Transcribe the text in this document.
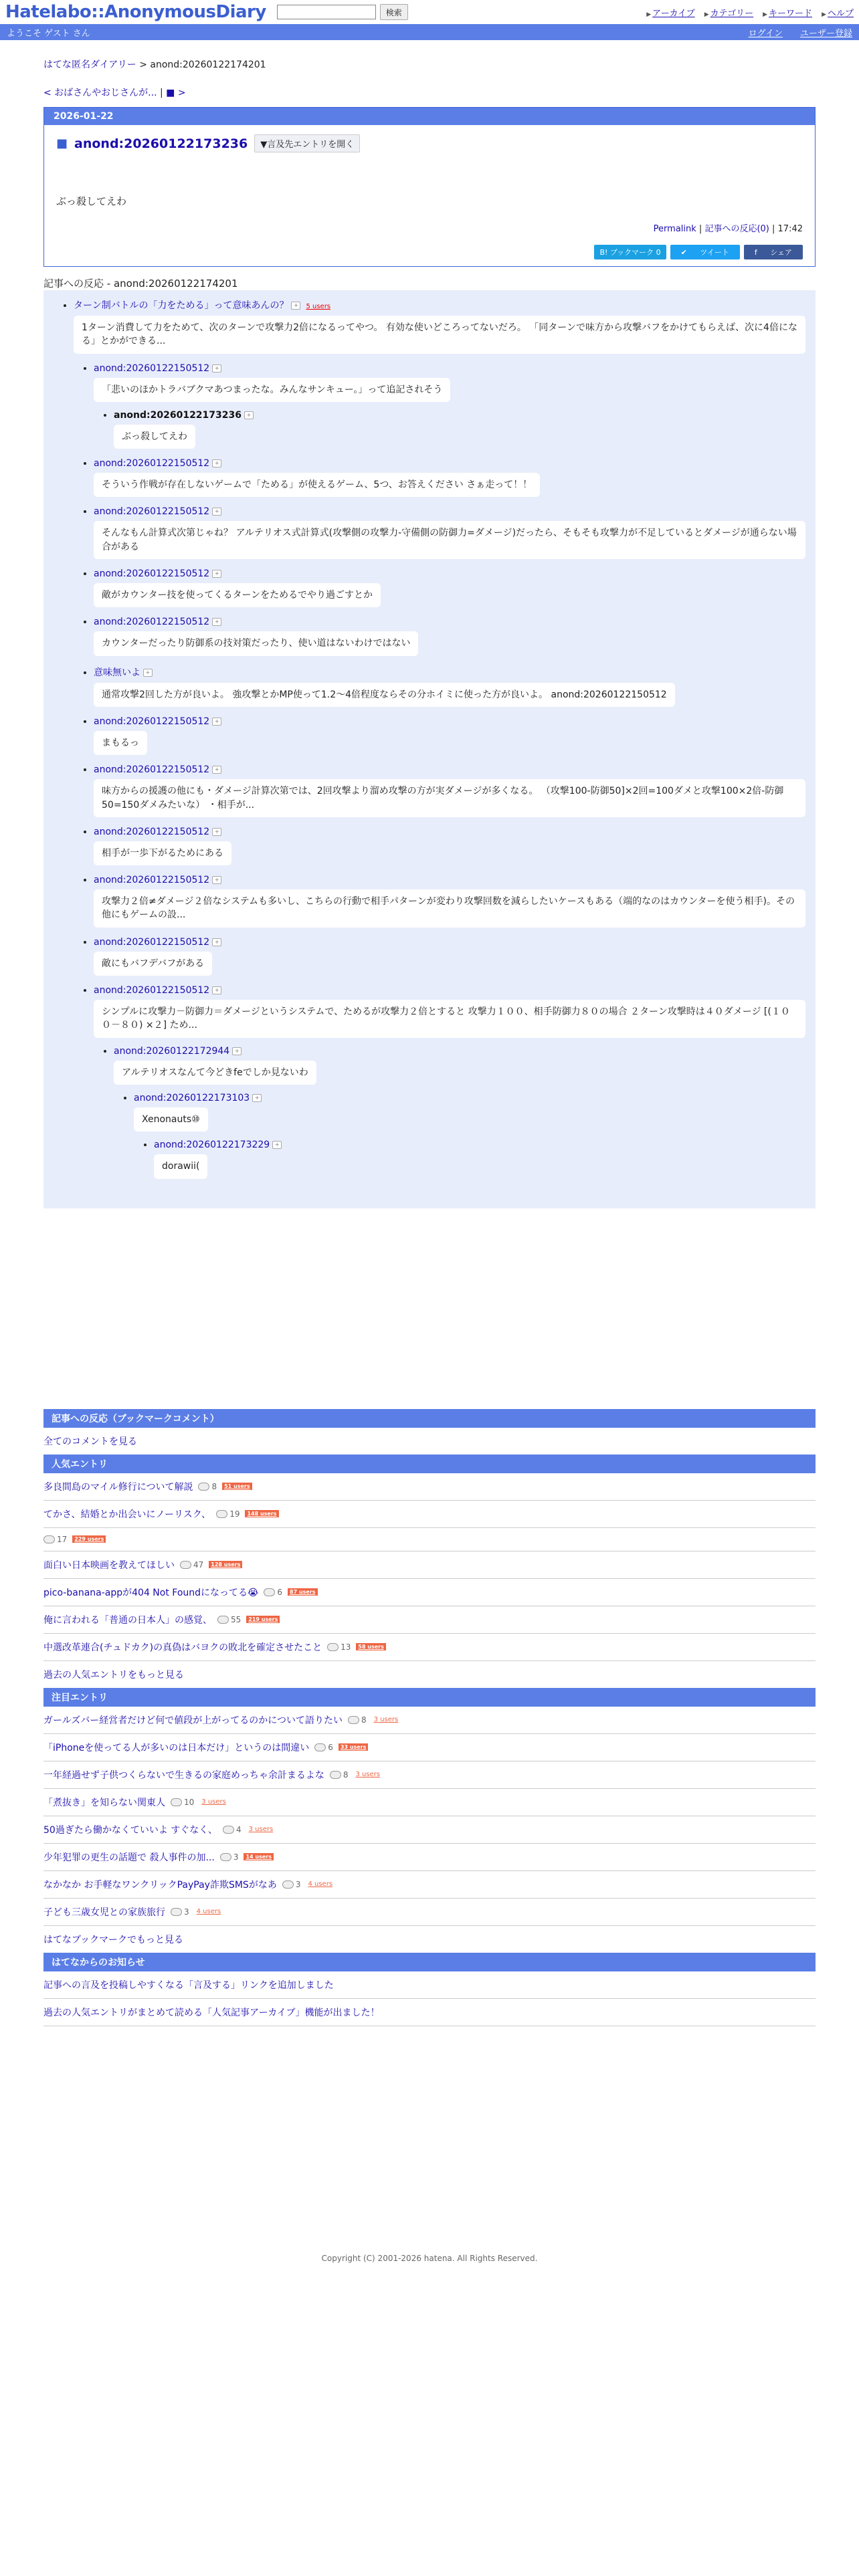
Hatelabo::AnonymousDiary	検索	▶ アーカイブ ▶ カテゴリー ▶ キーワード ▶ ヘルプ
ようこそ ゲスト さん	ログイン ユーザー登録
はてな匿名ダイアリー > anond:20260122174201
< おばさんやおじさんが... | ■ >
2026-01-22
■ anond:20260122173236	▼言及先エントリを開く
ぶっ殺してえわ
Permalink | 記事への反応(0) | 17:42
B! ブックマーク 0	✔ ツイート	f シェア
記事への反応 - anond:20260122174201
• ターン制バトルの「力をためる」って意味あんの？ + 5 users
1ターン消費して力をためて、次のターンで攻撃力2倍になるってやつ。 有効な使いどころってないだろ。 「同ターンで味方から攻撃バフをかけてもらえば、次に4倍になる」とかができる...
• anond:20260122150512 +
「悲いのほかトラバブクマあつまったな。みんなサンキュー。」って追記されそう
• anond:20260122173236 +
ぶっ殺してえわ
• anond:20260122150512 +
そういう作戦が存在しないゲームで「ためる」が使えるゲーム、5つ、お答えください さぁ走って！！
• anond:20260122150512 +
そんなもん計算式次第じゃね？ アルテリオス式計算式(攻撃側の攻撃力-守備側の防御力=ダメージ)だったら、そもそも攻撃力が不足しているとダメージが通らない場合がある
• anond:20260122150512 +
敵がカウンター技を使ってくるターンをためるでやり過ごすとか
• anond:20260122150512 +
カウンターだったり防御系の技対策だったり、使い道はないわけではない
• 意味無いよ +
通常攻撃2回した方が良いよ。 強攻撃とかMP使って1.2〜4倍程度ならその分ホイミに使った方が良いよ。 anond:20260122150512
• anond:20260122150512 +
まもるっ
• anond:20260122150512 +
味方からの援護の他にも・ダメージ計算次第では、2回攻撃より溜め攻撃の方が実ダメージが多くなる。 （攻撃100-防御50]×2回=100ダメと攻撃100×2倍-防御50=150ダメみたいな） ・相手が...
• anond:20260122150512 +
相手が一歩下がるためにある
• anond:20260122150512 +
攻撃力２倍≠ダメージ２倍なシステムも多いし、こちらの行動で相手パターンが変わり攻撃回数を減らしたいケースもある（端的なのはカウンターを使う相手)。その他にもゲームの設...
• anond:20260122150512 +
敵にもバフデバフがある
• anond:20260122150512 +
シンプルに攻撃力－防御力＝ダメージというシステムで、ためるが攻撃力２倍とすると 攻撃力１００、相手防御力８０の場合 ２ターン攻撃時は４０ダメージ [(１００－８０) ×２] ため...
• anond:20260122172944 +
アルテリオスなんて今どきfeでしか見ないわ
• anond:20260122173103 +
Xenonauts⑩
• anond:20260122173229 +
dorawii(
記事への反応（ブックマークコメント）
全てのコメントを見る
人気エントリ
多良間島のマイル修行について解説 8	51 users
てかさ、結婚とか出会いにノーリスク、 19	148 users
17	229 users
面白い日本映画を教えてほしい 47	128 users
pico-banana-appが404 Not Foundになってる😭 6	87 users
俺に言われる「普通の日本人」の感覚、 55	219 users
中選改革連合(チュドカク)の真偽はバヨクの敗北を確定させたこと 13	58 users
過去の人気エントリをもっと見る
注目エントリ
ガールズバー経営者だけど何で値段が上がってるのかについて語りたい 8	3 users
「iPhoneを使ってる人が多いのは日本だけ」というのは間違い 6	33 users
一年経過せず子供つくらないで生きるの家庭めっちゃ余計まるよな 8	3 users
「煮抜き」を知らない関東人 10	3 users
50過ぎたら働かなくていいよ すぐなく、 4	3 users
少年犯罪の更生の話題で 殺人事件の加... 3	14 users
なかなか お手軽なワンクリックPayPay詐欺SMSがなあ 3	4 users
子ども三歳女児との家族旅行 3	4 users
はてなブックマークでもっと見る
はてなからのお知らせ
記事への言及を投稿しやすくなる「言及する」リンクを追加しました
過去の人気エントリがまとめて読める「人気記事アーカイブ」機能が出ました！
Copyright (C) 2001-2026 hatena. All Rights Reserved.
